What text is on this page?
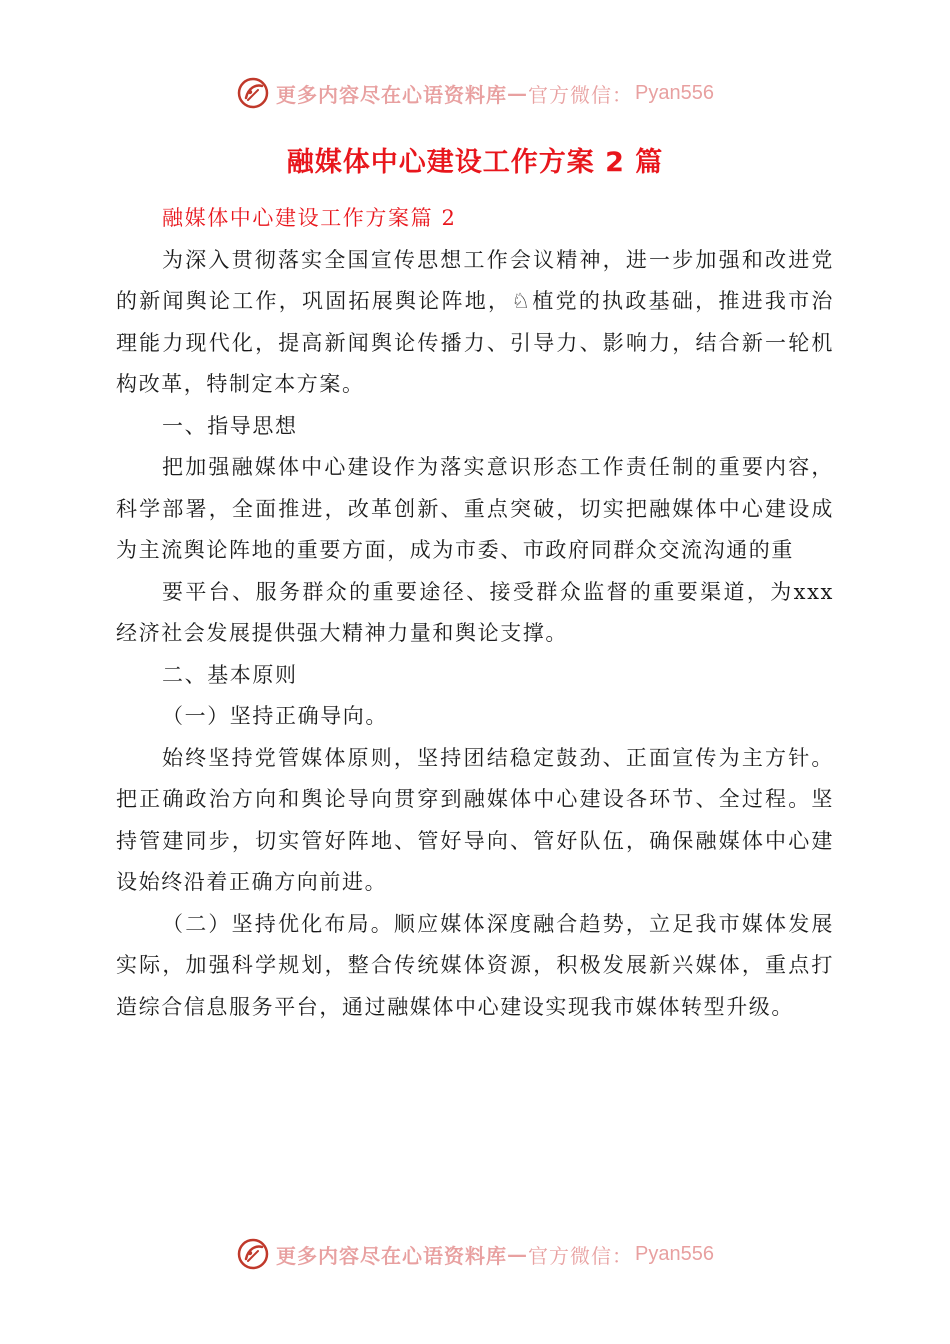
更多内容尽在心语资料库 — 官方微信： Pyan556
融媒体中心建设工作方案 2 篇

融媒体中心建设工作方案篇 2

为深入贯彻落实全国宣传思想工作会议精神，进一步加强和改进党的新闻舆论工作，巩固拓展舆论阵地，♘植党的执政基础，推进我市治理能力现代化，提高新闻舆论传播力、引导力、影响力，结合新一轮机构改革，特制定本方案。

一、指导思想

把加强融媒体中心建设作为落实意识形态工作责任制的重要内容，科学部署，全面推进，改革创新、重点突破，切实把融媒体中心建设成为主流舆论阵地的重要方面，成为市委、市政府同群众交流沟通的重

要平台、服务群众的重要途径、接受群众监督的重要渠道，为xxx 经济社会发展提供强大精神力量和舆论支撑。

二、基本原则

（一）坚持正确导向。

始终坚持党管媒体原则，坚持团结稳定鼓劲、正面宣传为主方针。把正确政治方向和舆论导向贯穿到融媒体中心建设各环节、全过程。坚持管建同步，切实管好阵地、管好导向、管好队伍，确保融媒体中心建设始终沿着正确方向前进。

（二）坚持优化布局。顺应媒体深度融合趋势，立足我市媒体发展实际，加强科学规划，整合传统媒体资源，积极发展新兴媒体，重点打造综合信息服务平台，通过融媒体中心建设实现我市媒体转型升级。

更多内容尽在心语资料库 — 官方微信： Pyan556
